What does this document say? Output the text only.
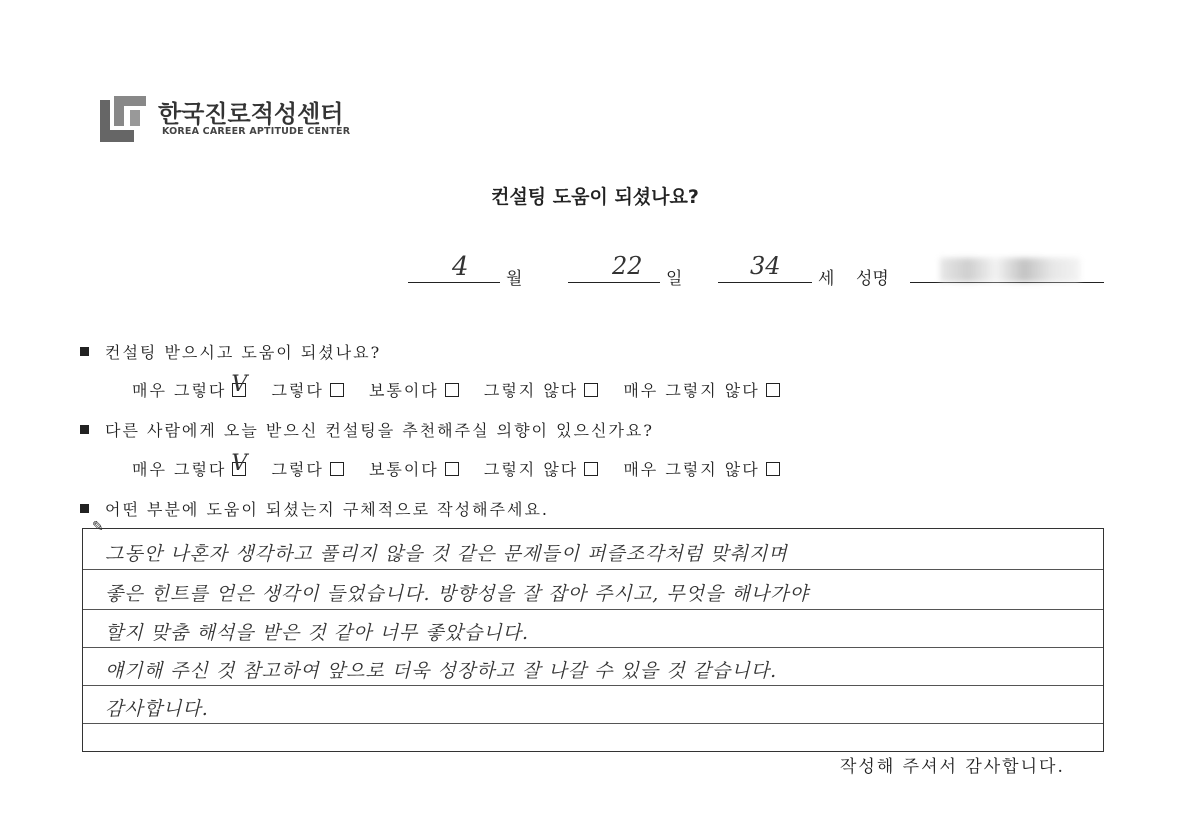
한국진로적성센터
KOREA CAREER APTITUDE CENTER
컨설팅 도움이 되셨나요?
4 월	22 일	34 세 성명
컨설팅 받으시고 도움이 되셨나요?
매우 그렇다 V 그렇다	보통이다	그렇지 않다	매우 그렇지 않다
다른 사람에게 오늘 받으신 컨설팅을 추천해주실 의향이 있으신가요?
매우 그렇다 V 그렇다	보통이다	그렇지 않다	매우 그렇지 않다
어떤 부분에 도움이 되셨는지 구체적으로 작성해주세요.
✎
그동안 나혼자 생각하고 풀리지 않을 것 같은 문제들이 퍼즐조각처럼 맞춰지며
좋은 힌트를 얻은 생각이 들었습니다. 방향성을 잘 잡아 주시고, 무엇을 해나가야
할지 맞춤 해석을 받은 것 같아 너무 좋았습니다.
얘기해 주신 것 참고하여 앞으로 더욱 성장하고 잘 나갈 수 있을 것 같습니다.
감사합니다.
작성해 주셔서 감사합니다.
